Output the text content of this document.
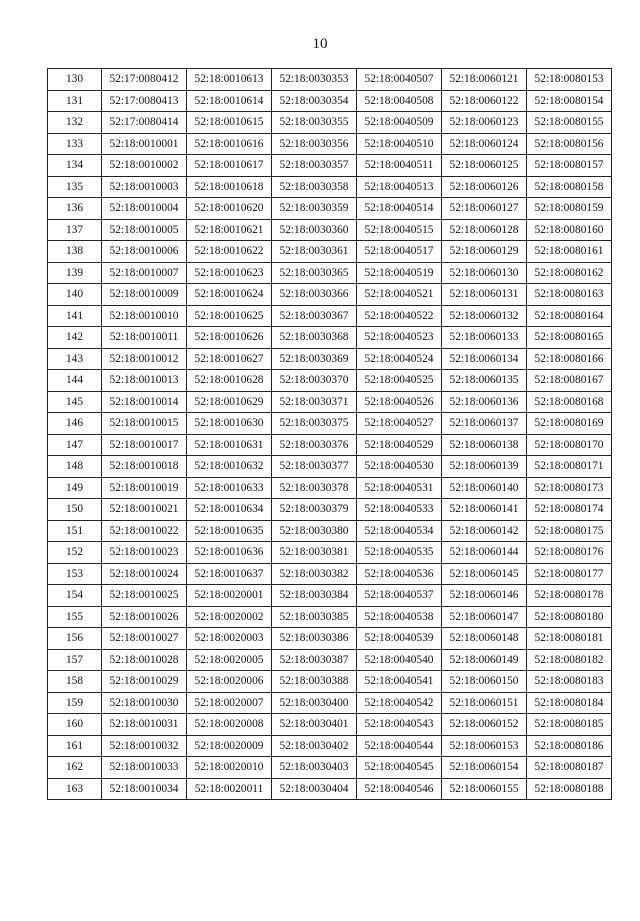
10
130	52:17:0080412	52:18:0010613	52:18:0030353	52:18:0040507	52:18:0060121	52:18:0080153
131	52:17:0080413	52:18:0010614	52:18:0030354	52:18:0040508	52:18:0060122	52:18:0080154
132	52:17:0080414	52:18:0010615	52:18:0030355	52:18:0040509	52:18:0060123	52:18:0080155
133	52:18:0010001	52:18:0010616	52:18:0030356	52:18:0040510	52:18:0060124	52:18:0080156
134	52:18:0010002	52:18:0010617	52:18:0030357	52:18:0040511	52:18:0060125	52:18:0080157
135	52:18:0010003	52:18:0010618	52:18:0030358	52:18:0040513	52:18:0060126	52:18:0080158
136	52:18:0010004	52:18:0010620	52:18:0030359	52:18:0040514	52:18:0060127	52:18:0080159
137	52:18:0010005	52:18:0010621	52:18:0030360	52:18:0040515	52:18:0060128	52:18:0080160
138	52:18:0010006	52:18:0010622	52:18:0030361	52:18:0040517	52:18:0060129	52:18:0080161
139	52:18:0010007	52:18:0010623	52:18:0030365	52:18:0040519	52:18:0060130	52:18:0080162
140	52:18:0010009	52:18:0010624	52:18:0030366	52:18:0040521	52:18:0060131	52:18:0080163
141	52:18:0010010	52:18:0010625	52:18:0030367	52:18:0040522	52:18:0060132	52:18:0080164
142	52:18:0010011	52:18:0010626	52:18:0030368	52:18:0040523	52:18:0060133	52:18:0080165
143	52:18:0010012	52:18:0010627	52:18:0030369	52:18:0040524	52:18:0060134	52:18:0080166
144	52:18:0010013	52:18:0010628	52:18:0030370	52:18:0040525	52:18:0060135	52:18:0080167
145	52:18:0010014	52:18:0010629	52:18:0030371	52:18:0040526	52:18:0060136	52:18:0080168
146	52:18:0010015	52:18:0010630	52:18:0030375	52:18:0040527	52:18:0060137	52:18:0080169
147	52:18:0010017	52:18:0010631	52:18:0030376	52:18:0040529	52:18:0060138	52:18:0080170
148	52:18:0010018	52:18:0010632	52:18:0030377	52:18:0040530	52:18:0060139	52:18:0080171
149	52:18:0010019	52:18:0010633	52:18:0030378	52:18:0040531	52:18:0060140	52:18:0080173
150	52:18:0010021	52:18:0010634	52:18:0030379	52:18:0040533	52:18:0060141	52:18:0080174
151	52:18:0010022	52:18:0010635	52:18:0030380	52:18:0040534	52:18:0060142	52:18:0080175
152	52:18:0010023	52:18:0010636	52:18:0030381	52:18:0040535	52:18:0060144	52:18:0080176
153	52:18:0010024	52:18:0010637	52:18:0030382	52:18:0040536	52:18:0060145	52:18:0080177
154	52:18:0010025	52:18:0020001	52:18:0030384	52:18:0040537	52:18:0060146	52:18:0080178
155	52:18:0010026	52:18:0020002	52:18:0030385	52:18:0040538	52:18:0060147	52:18:0080180
156	52:18:0010027	52:18:0020003	52:18:0030386	52:18:0040539	52:18:0060148	52:18:0080181
157	52:18:0010028	52:18:0020005	52:18:0030387	52:18:0040540	52:18:0060149	52:18:0080182
158	52:18:0010029	52:18:0020006	52:18:0030388	52:18:0040541	52:18:0060150	52:18:0080183
159	52:18:0010030	52:18:0020007	52:18:0030400	52:18:0040542	52:18:0060151	52:18:0080184
160	52:18:0010031	52:18:0020008	52:18:0030401	52:18:0040543	52:18:0060152	52:18:0080185
161	52:18:0010032	52:18:0020009	52:18:0030402	52:18:0040544	52:18:0060153	52:18:0080186
162	52:18:0010033	52:18:0020010	52:18:0030403	52:18:0040545	52:18:0060154	52:18:0080187
163	52:18:0010034	52:18:0020011	52:18:0030404	52:18:0040546	52:18:0060155	52:18:0080188
